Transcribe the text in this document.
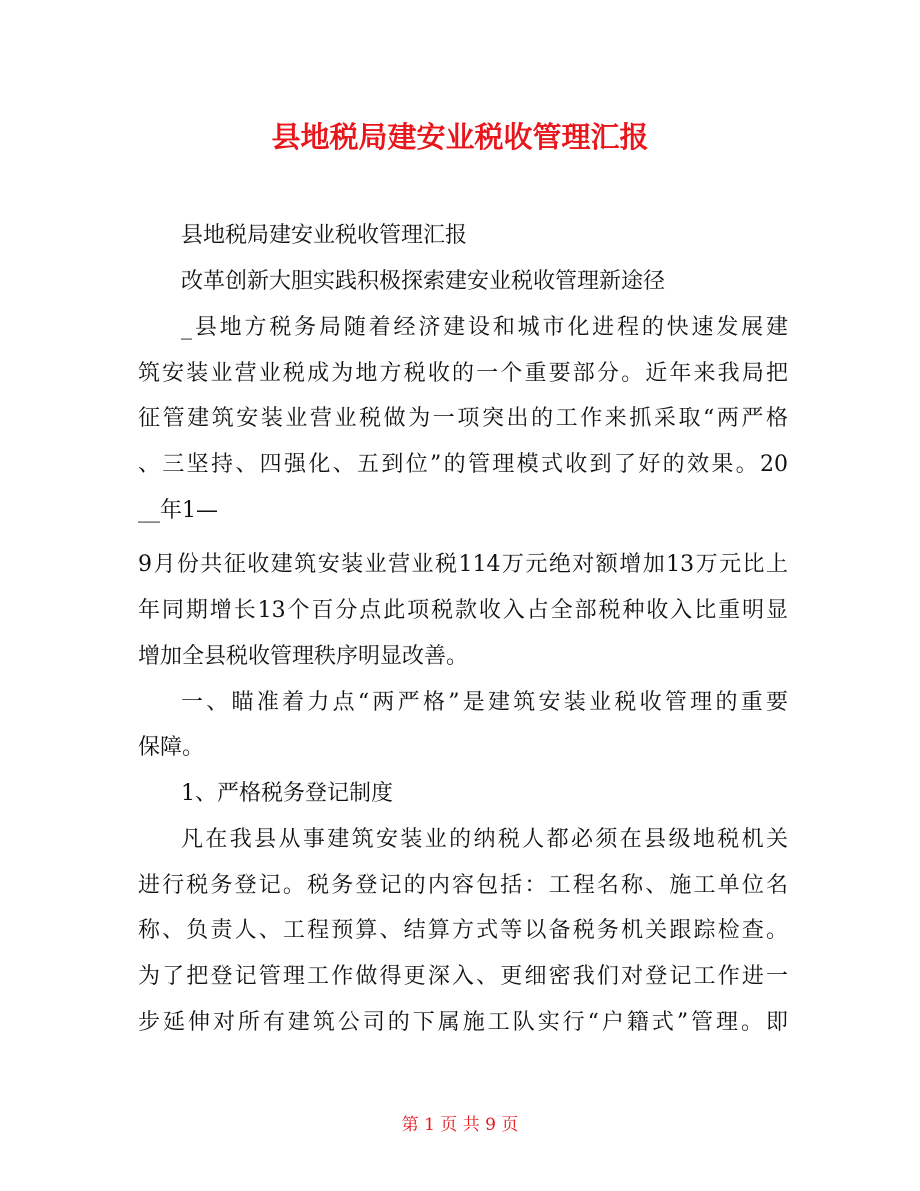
县地税局建安业税收管理汇报

县地税局建安业税收管理汇报

改革创新大胆实践积极探索建安业税收管理新途径

_县地方税务局随着经济建设和城市化进程的快速发展建

筑安装业营业税成为地方税收的一个重要部分。近年来我局把

征管建筑安装业营业税做为一项突出的工作来抓采取“两严格

、三坚持、四强化、五到位”的管理模式收到了好的效果。20

__年1—

9月份共征收建筑安装业营业税114万元绝对额增加13万元比上

年同期增长13个百分点此项税款收入占全部税种收入比重明显

增加全县税收管理秩序明显改善。

一、瞄准着力点“两严格”是建筑安装业税收管理的重要

保障。

1、严格税务登记制度

凡在我县从事建筑安装业的纳税人都必须在县级地税机关

进行税务登记。税务登记的内容包括：工程名称、施工单位名

称、负责人、工程预算、结算方式等以备税务机关跟踪检查。

为了把登记管理工作做得更深入、更细密我们对登记工作进一

步延伸对所有建筑公司的下属施工队实行“户籍式”管理。即

第 1 页 共 9 页
